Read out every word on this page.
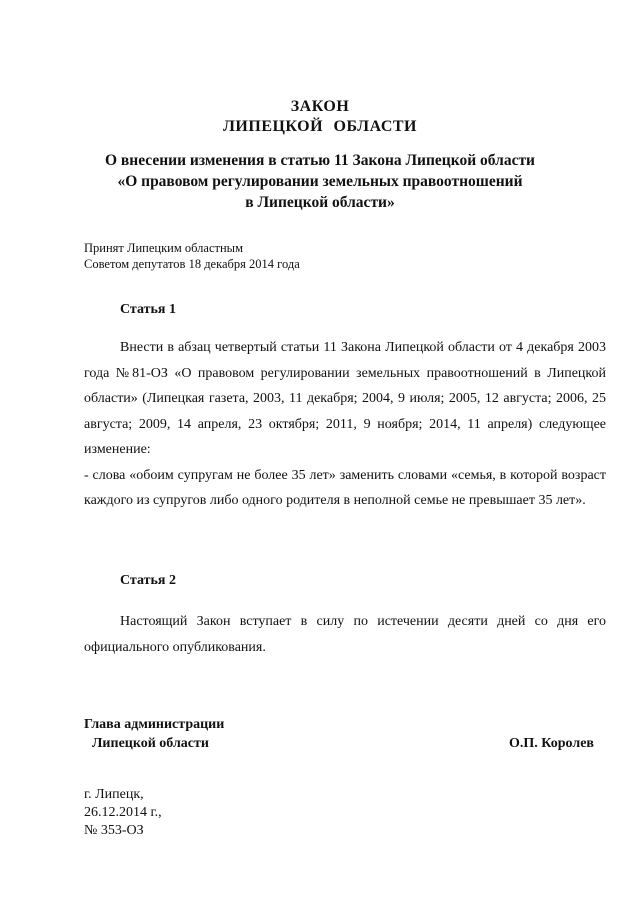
ЗАКОН
ЛИПЕЦКОЙ ОБЛАСТИ
О внесении изменения в статью 11 Закона Липецкой области
«О правовом регулировании земельных правоотношений
в Липецкой области»
Принят Липецким областным
Советом депутатов 18 декабря 2014 года
Статья 1
Внести в абзац четвертый статьи 11 Закона Липецкой области от 4 декабря 2003 года №81-ОЗ «О правовом регулировании земельных правоотношений в Липецкой области» (Липецкая газета, 2003, 11 декабря; 2004, 9 июля; 2005, 12 августа; 2006, 25 августа; 2009, 14 апреля, 23 октября; 2011, 9 ноября; 2014, 11 апреля) следующее изменение:
- слова «обоим супругам не более 35 лет» заменить словами «семья, в которой возраст каждого из супругов либо одного родителя в неполной семье не превышает 35 лет».
Статья 2
Настоящий Закон вступает в силу по истечении десяти дней со дня его официального опубликования.
Глава администрации
Липецкой области	О.П. Королев
г. Липецк,
26.12.2014 г.,
№ 353-ОЗ
